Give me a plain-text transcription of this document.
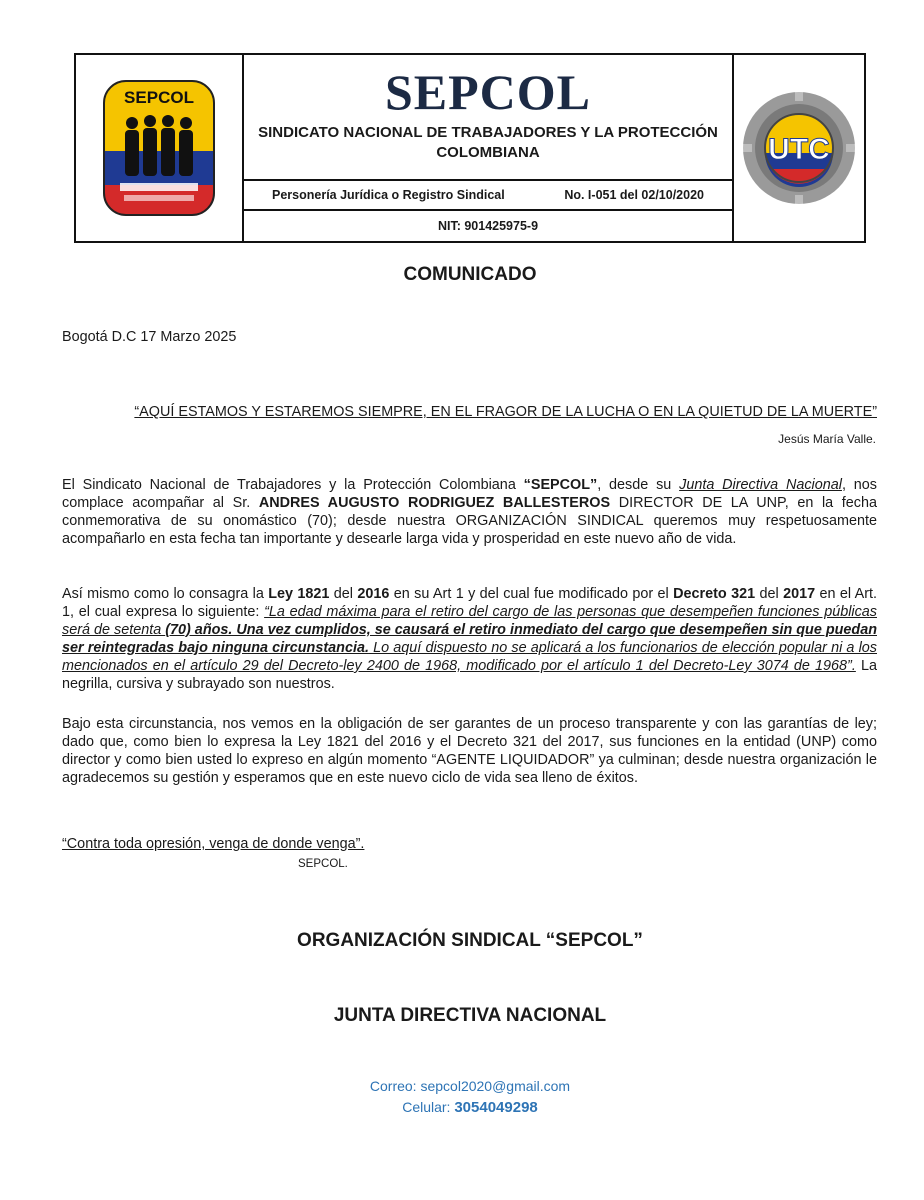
SEPCOL	SEPCOL
SINDICATO NACIONAL DE TRABAJADORES Y LA PROTECCIÓN
COLOMBIANA
Personería Jurídica o Registro Sindical	No. I-051 del 02/10/2020
NIT: 901425975-9
UTC
COMUNICADO
Bogotá D.C 17 Marzo 2025
“AQUÍ ESTAMOS Y ESTAREMOS SIEMPRE, EN EL FRAGOR DE LA LUCHA O EN LA QUIETUD DE LA MUERTE”
Jesús María Valle.
El Sindicato Nacional de Trabajadores y la Protección Colombiana “SEPCOL”, desde su Junta Directiva Nacional, nos complace acompañar al Sr. ANDRES AUGUSTO RODRIGUEZ BALLESTEROS DIRECTOR DE LA UNP, en la fecha conmemorativa de su onomástico (70); desde nuestra ORGANIZACIÓN SINDICAL queremos muy respetuosamente acompañarlo en esta fecha tan importante y desearle larga vida y prosperidad en este nuevo año de vida.
Así mismo como lo consagra la Ley 1821 del 2016 en su Art 1 y del cual fue modificado por el Decreto 321 del 2017 en el Art. 1, el cual expresa lo siguiente: “La edad máxima para el retiro del cargo de las personas que desempeñen funciones públicas será de setenta (70) años. Una vez cumplidos, se causará el retiro inmediato del cargo que desempeñen sin que puedan ser reintegradas bajo ninguna circunstancia. Lo aquí dispuesto no se aplicará a los funcionarios de elección popular ni a los mencionados en el artículo 29 del Decreto-ley 2400 de 1968, modificado por el artículo 1 del Decreto-Ley 3074 de 1968”. La negrilla, cursiva y subrayado son nuestros.
Bajo esta circunstancia, nos vemos en la obligación de ser garantes de un proceso transparente y con las garantías de ley; dado que, como bien lo expresa la Ley 1821 del 2016 y el Decreto 321 del 2017, sus funciones en la entidad (UNP) como director y como bien usted lo expreso en algún momento “AGENTE LIQUIDADOR” ya culminan; desde nuestra organización le agradecemos su gestión y esperamos que en este nuevo ciclo de vida sea lleno de éxitos.
“Contra toda opresión, venga de donde venga”.
SEPCOL.
ORGANIZACIÓN SINDICAL “SEPCOL”
JUNTA DIRECTIVA NACIONAL
Correo: sepcol2020@gmail.com
Celular: 3054049298
